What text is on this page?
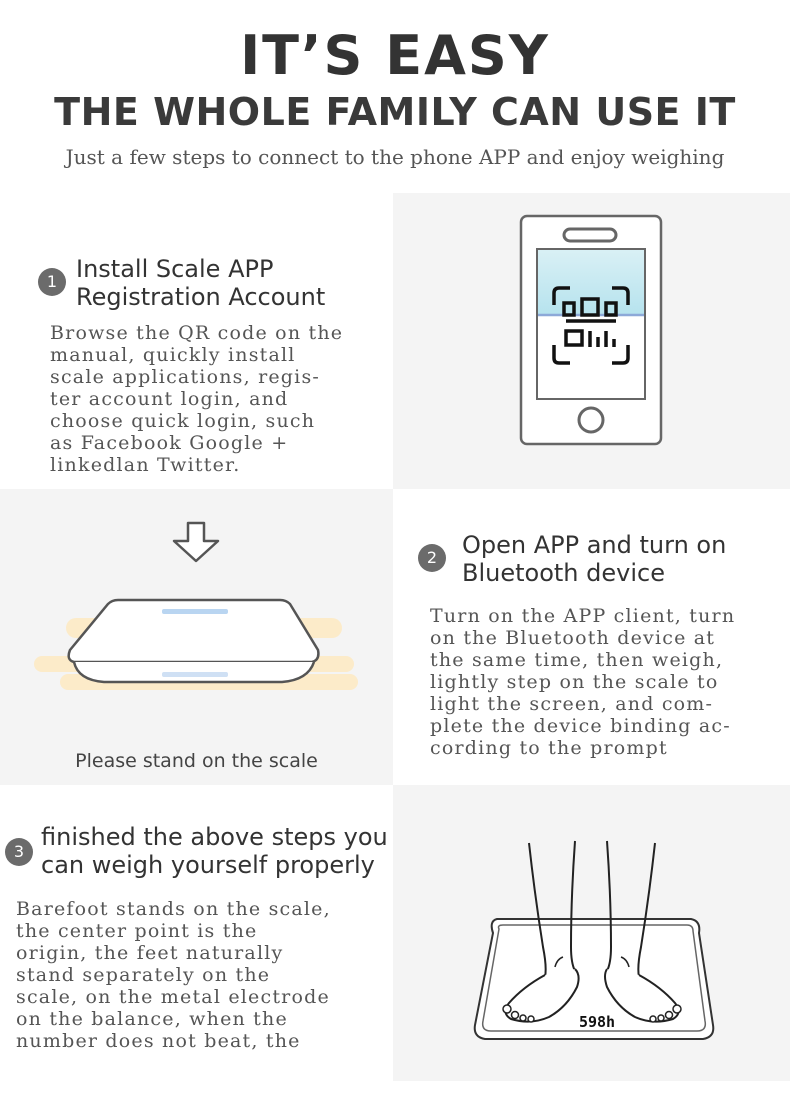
IT’S EASY
THE WHOLE FAMILY CAN USE IT
Just a few steps to connect to the phone APP and enjoy weighing
1 Install Scale APP
Registration Account
Browse the QR code on the
manual, quickly install
scale applications, regis-
ter account login, and
choose quick login, such
as Facebook Google +
linkedlan Twitter.
Please stand on the scale
2	Open APP and turn on
Bluetooth device
Turn on the APP client, turn
on the Bluetooth device at
the same time, then weigh,
lightly step on the scale to
light the screen, and com-
plete the device binding ac-
cording to the prompt
3
finished the above steps you
can weigh yourself properly
Barefoot stands on the scale,
the center point is the
origin, the feet naturally
stand separately on the
scale, on the metal electrode
on the balance, when the
number does not beat, the
598h
